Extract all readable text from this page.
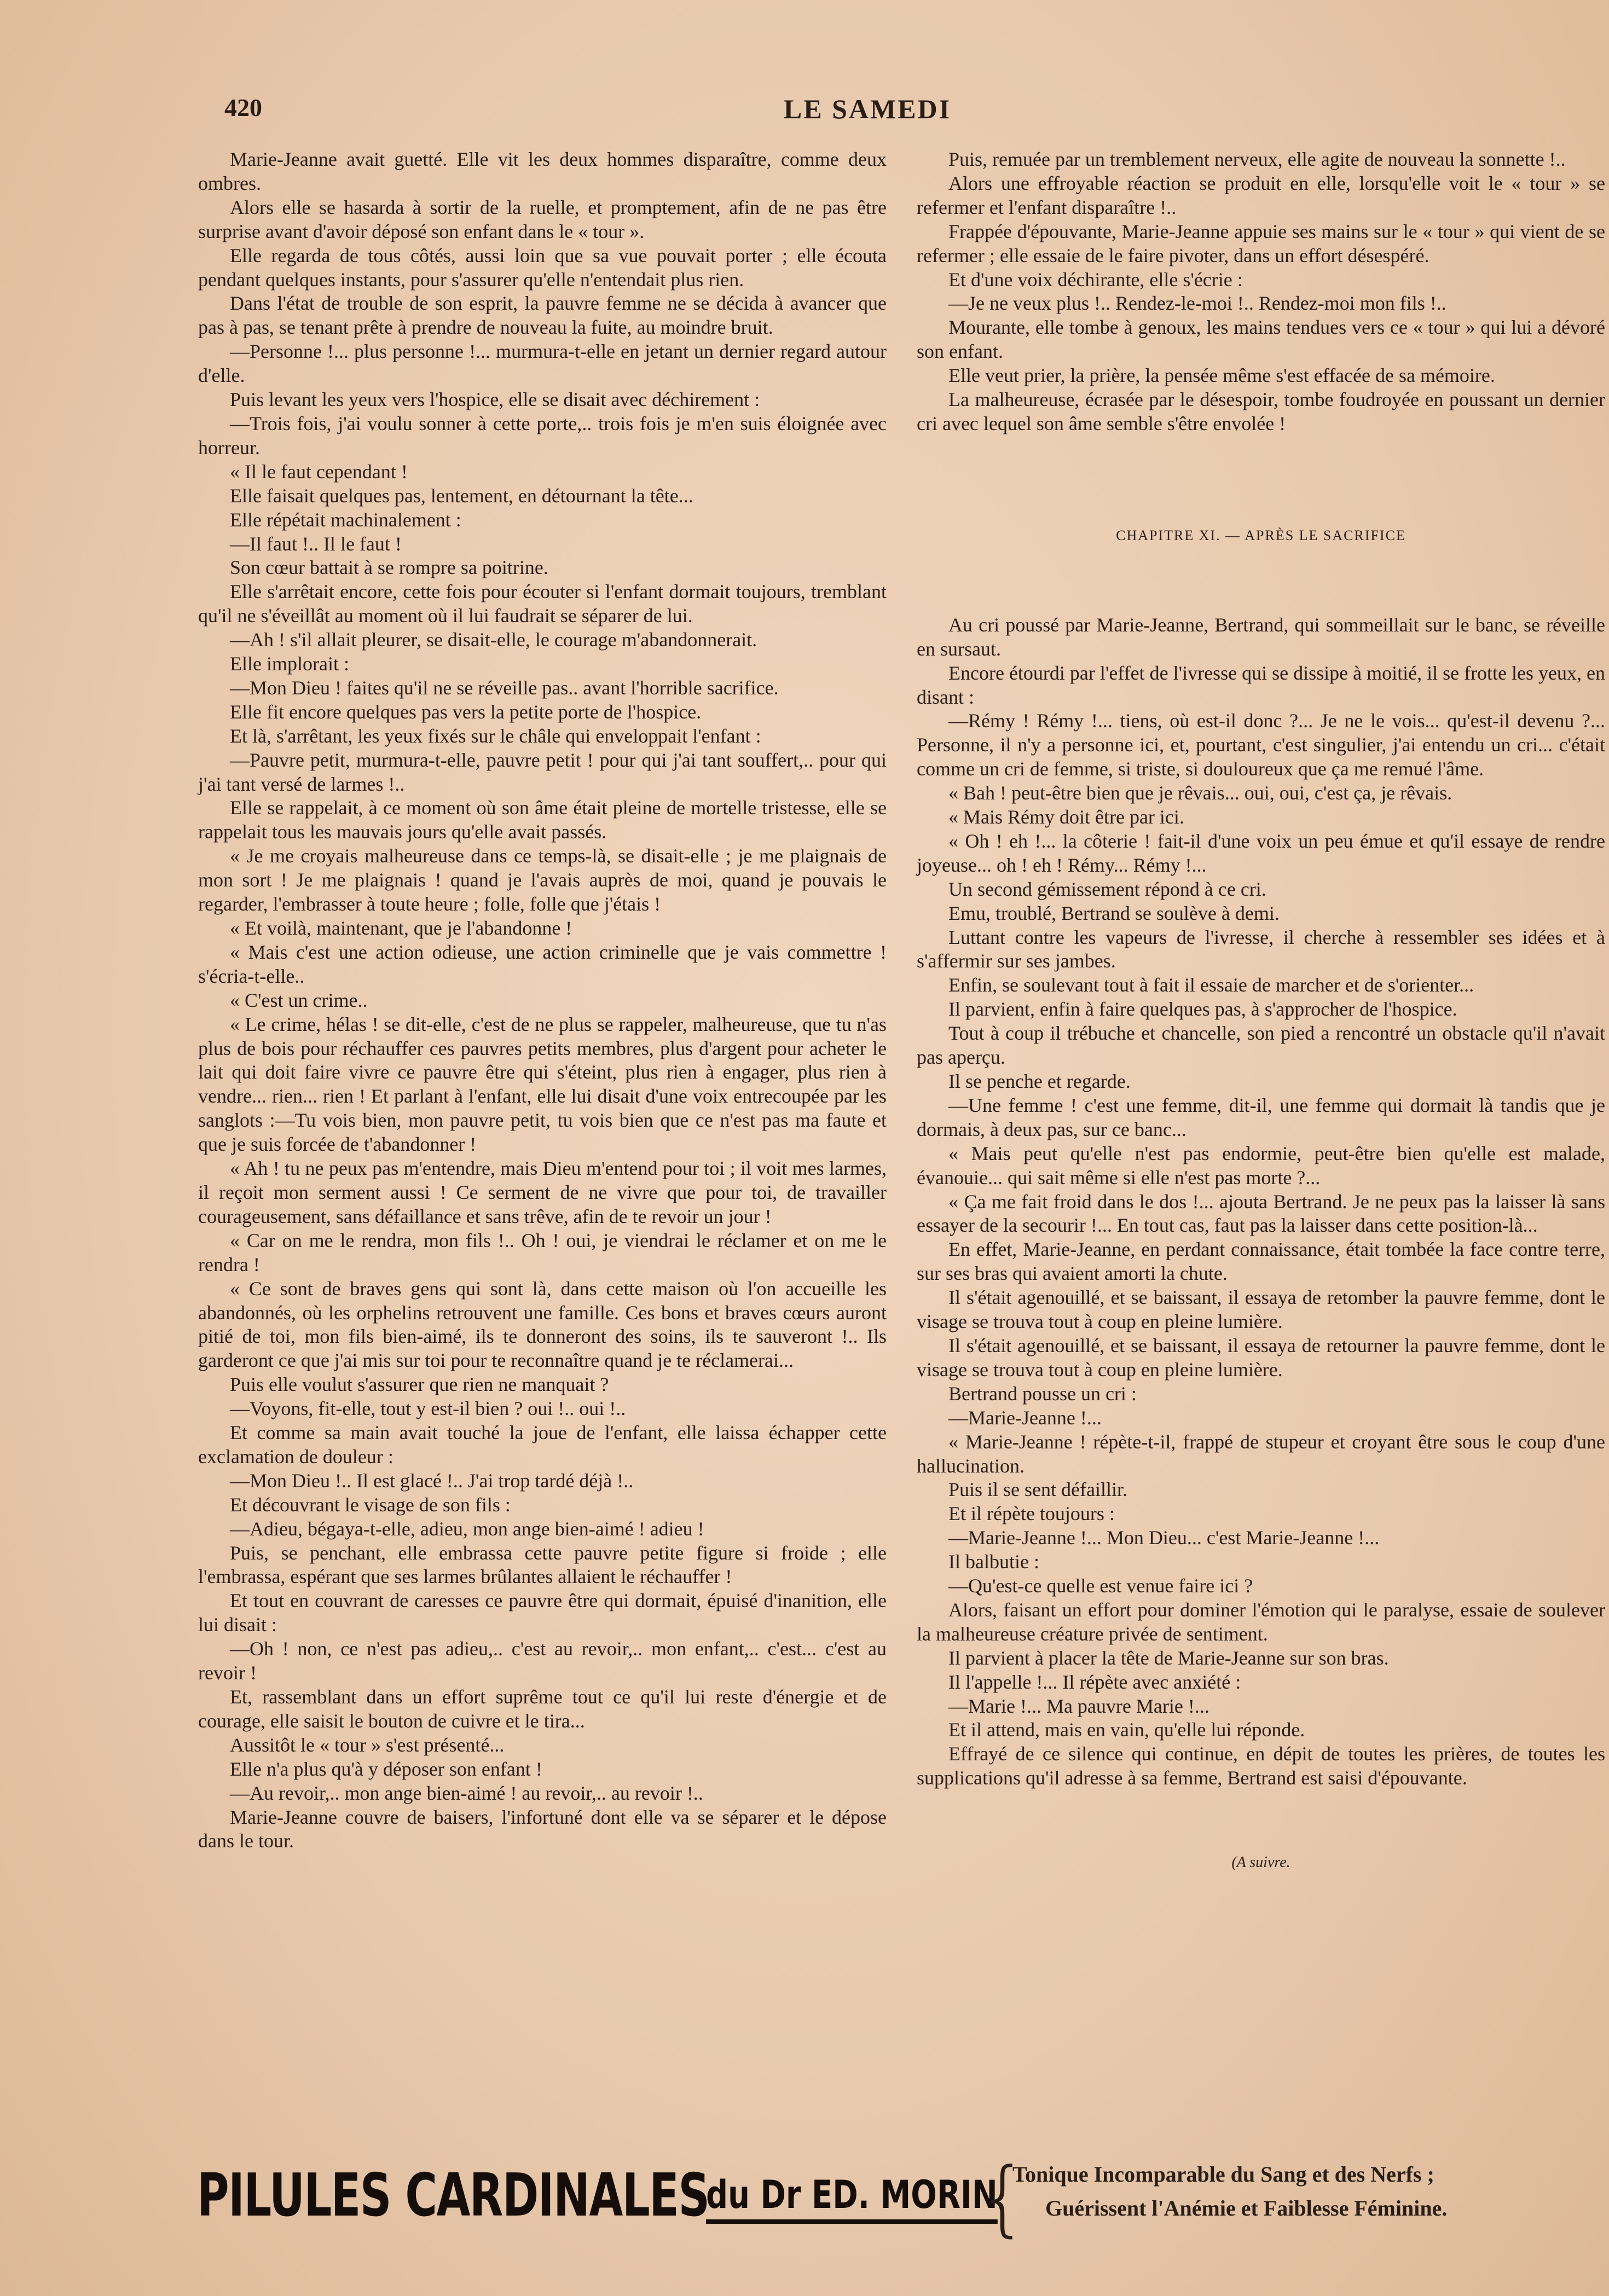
420	LE SAMEDI

Marie-Jeanne avait guetté. Elle vit les deux hommes disparaître, comme deux ombres.

Alors elle se hasarda à sortir de la ruelle, et promptement, afin de ne pas être surprise avant d'avoir déposé son enfant dans le « tour ».

Elle regarda de tous côtés, aussi loin que sa vue pouvait porter ; elle écouta pendant quelques instants, pour s'assurer qu'elle n'entendait plus rien.

Dans l'état de trouble de son esprit, la pauvre femme ne se décida à avancer que pas à pas, se tenant prête à prendre de nouveau la fuite, au moindre bruit.

—Personne !... plus personne !... murmura-t-elle en jetant un dernier regard autour d'elle.

Puis levant les yeux vers l'hospice, elle se disait avec déchirement :

—Trois fois, j'ai voulu sonner à cette porte,.. trois fois je m'en suis éloignée avec horreur.

« Il le faut cependant !

Elle faisait quelques pas, lentement, en détournant la tête...

Elle répétait machinalement :

—Il faut !.. Il le faut !

Son cœur battait à se rompre sa poitrine.

Elle s'arrêtait encore, cette fois pour écouter si l'enfant dormait toujours, tremblant qu'il ne s'éveillât au moment où il lui faudrait se séparer de lui.

—Ah ! s'il allait pleurer, se disait-elle, le courage m'abandonnerait.

Elle implorait :

—Mon Dieu ! faites qu'il ne se réveille pas.. avant l'horrible sacrifice.

Elle fit encore quelques pas vers la petite porte de l'hospice.

Et là, s'arrêtant, les yeux fixés sur le châle qui enveloppait l'enfant :

—Pauvre petit, murmura-t-elle, pauvre petit ! pour qui j'ai tant souffert,.. pour qui j'ai tant versé de larmes !..

Elle se rappelait, à ce moment où son âme était pleine de mortelle tristesse, elle se rappelait tous les mauvais jours qu'elle avait passés.

« Je me croyais malheureuse dans ce temps-là, se disait-elle ; je me plaignais de mon sort ! Je me plaignais ! quand je l'avais auprès de moi, quand je pouvais le regarder, l'embrasser à toute heure ; folle, folle que j'étais !

« Et voilà, maintenant, que je l'abandonne !

« Mais c'est une action odieuse, une action criminelle que je vais commettre ! s'écria-t-elle..

« C'est un crime..

« Le crime, hélas ! se dit-elle, c'est de ne plus se rappeler, malheureuse, que tu n'as plus de bois pour réchauffer ces pauvres petits membres, plus d'argent pour acheter le lait qui doit faire vivre ce pauvre être qui s'éteint, plus rien à engager, plus rien à vendre... rien... rien ! Et parlant à l'enfant, elle lui disait d'une voix entrecoupée par les sanglots :—Tu vois bien, mon pauvre petit, tu vois bien que ce n'est pas ma faute et que je suis forcée de t'abandonner !

« Ah ! tu ne peux pas m'entendre, mais Dieu m'entend pour toi ; il voit mes larmes, il reçoit mon serment aussi ! Ce serment de ne vivre que pour toi, de travailler courageusement, sans défaillance et sans trêve, afin de te revoir un jour !

« Car on me le rendra, mon fils !.. Oh ! oui, je viendrai le réclamer et on me le rendra !

« Ce sont de braves gens qui sont là, dans cette maison où l'on accueille les abandonnés, où les orphelins retrouvent une famille. Ces bons et braves cœurs auront pitié de toi, mon fils bien-aimé, ils te donneront des soins, ils te sauveront !.. Ils garderont ce que j'ai mis sur toi pour te reconnaître quand je te réclamerai...

Puis elle voulut s'assurer que rien ne manquait ?

—Voyons, fit-elle, tout y est-il bien ? oui !.. oui !..

Et comme sa main avait touché la joue de l'enfant, elle laissa échapper cette exclamation de douleur :

—Mon Dieu !.. Il est glacé !.. J'ai trop tardé déjà !..

Et découvrant le visage de son fils :

—Adieu, bégaya-t-elle, adieu, mon ange bien-aimé ! adieu !

Puis, se penchant, elle embrassa cette pauvre petite figure si froide ; elle l'embrassa, espérant que ses larmes brûlantes allaient le réchauffer !

Et tout en couvrant de caresses ce pauvre être qui dormait, épuisé d'inanition, elle lui disait :

—Oh ! non, ce n'est pas adieu,.. c'est au revoir,.. mon enfant,.. c'est... c'est au revoir !

Et, rassemblant dans un effort suprême tout ce qu'il lui reste d'énergie et de courage, elle saisit le bouton de cuivre et le tira...

Aussitôt le « tour » s'est présenté...

Elle n'a plus qu'à y déposer son enfant !

—Au revoir,.. mon ange bien-aimé ! au revoir,.. au revoir !..

Marie-Jeanne couvre de baisers, l'infortuné dont elle va se séparer et le dépose dans le tour.

Puis, remuée par un tremblement nerveux, elle agite de nouveau la sonnette !..

Alors une effroyable réaction se produit en elle, lorsqu'elle voit le « tour » se refermer et l'enfant disparaître !..

Frappée d'épouvante, Marie-Jeanne appuie ses mains sur le « tour » qui vient de se refermer ; elle essaie de le faire pivoter, dans un effort désespéré.

Et d'une voix déchirante, elle s'écrie :

—Je ne veux plus !.. Rendez-le-moi !.. Rendez-moi mon fils !..

Mourante, elle tombe à genoux, les mains tendues vers ce « tour » qui lui a dévoré son enfant.

Elle veut prier, la prière, la pensée même s'est effacée de sa mémoire.

La malheureuse, écrasée par le désespoir, tombe foudroyée en poussant un dernier cri avec lequel son âme semble s'être envolée !

CHAPITRE XI. — APRÈS LE SACRIFICE

Au cri poussé par Marie-Jeanne, Bertrand, qui sommeillait sur le banc, se réveille en sursaut.

Encore étourdi par l'effet de l'ivresse qui se dissipe à moitié, il se frotte les yeux, en disant :

—Rémy ! Rémy !... tiens, où est-il donc ?... Je ne le vois... qu'est-il devenu ?... Personne, il n'y a personne ici, et, pourtant, c'est singulier, j'ai entendu un cri... c'était comme un cri de femme, si triste, si douloureux que ça me remué l'âme.

« Bah ! peut-être bien que je rêvais... oui, oui, c'est ça, je rêvais.

« Mais Rémy doit être par ici.

« Oh ! eh !... la côterie ! fait-il d'une voix un peu émue et qu'il essaye de rendre joyeuse... oh ! eh ! Rémy... Rémy !...

Un second gémissement répond à ce cri.

Emu, troublé, Bertrand se soulève à demi.

Luttant contre les vapeurs de l'ivresse, il cherche à ressembler ses idées et à s'affermir sur ses jambes.

Enfin, se soulevant tout à fait il essaie de marcher et de s'orienter...

Il parvient, enfin à faire quelques pas, à s'approcher de l'hospice.

Tout à coup il trébuche et chancelle, son pied a rencontré un obstacle qu'il n'avait pas aperçu.

Il se penche et regarde.

—Une femme ! c'est une femme, dit-il, une femme qui dormait là tandis que je dormais, à deux pas, sur ce banc...

« Mais peut qu'elle n'est pas endormie, peut-être bien qu'elle est malade, évanouie... qui sait même si elle n'est pas morte ?...

« Ça me fait froid dans le dos !... ajouta Bertrand. Je ne peux pas la laisser là sans essayer de la secourir !... En tout cas, faut pas la laisser dans cette position-là...

En effet, Marie-Jeanne, en perdant connaissance, était tombée la face contre terre, sur ses bras qui avaient amorti la chute.

Il s'était agenouillé, et se baissant, il essaya de retomber la pauvre femme, dont le visage se trouva tout à coup en pleine lumière.

Il s'était agenouillé, et se baissant, il essaya de retourner la pauvre femme, dont le visage se trouva tout à coup en pleine lumière.

Bertrand pousse un cri :

—Marie-Jeanne !...

« Marie-Jeanne ! répète-t-il, frappé de stupeur et croyant être sous le coup d'une hallucination.

Puis il se sent défaillir.

Et il répète toujours :

—Marie-Jeanne !... Mon Dieu... c'est Marie-Jeanne !...

Il balbutie :

—Qu'est-ce quelle est venue faire ici ?

Alors, faisant un effort pour dominer l'émotion qui le paralyse, essaie de soulever la malheureuse créature privée de sentiment.

Il parvient à placer la tête de Marie-Jeanne sur son bras.

Il l'appelle !... Il répète avec anxiété :

—Marie !... Ma pauvre Marie !...

Et il attend, mais en vain, qu'elle lui réponde.

Effrayé de ce silence qui continue, en dépit de toutes les prières, de toutes les supplications qu'il adresse à sa femme, Bertrand est saisi d'épouvante.

(A suivre.

PILULES CARDINALES
du Dr ED. MORIN
{
Tonique Incomparable du Sang et des Nerfs ;
Guérissent l'Anémie et Faiblesse Féminine.
